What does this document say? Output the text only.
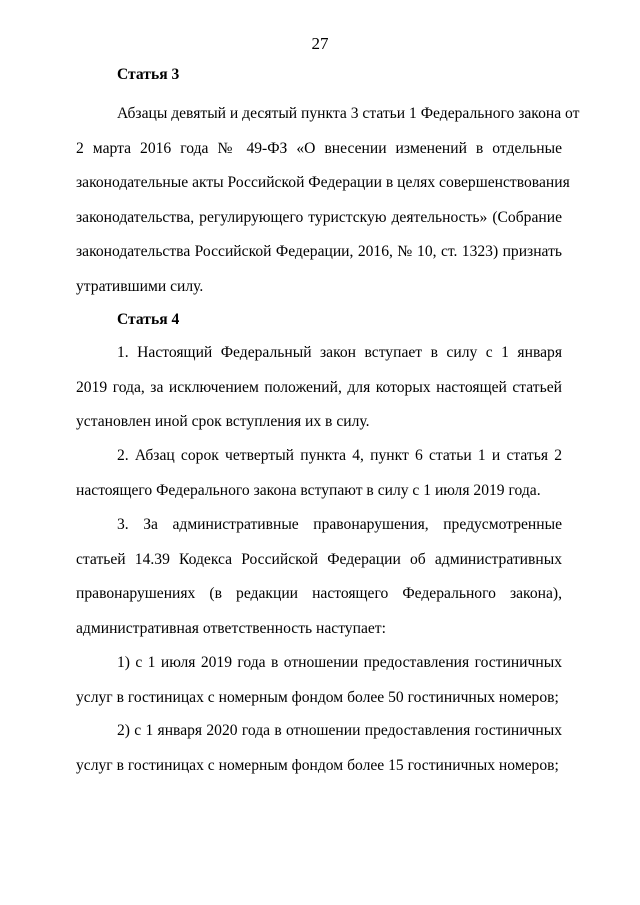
27

Статья 3

Абзацы девятый и десятый пункта 3 статьи 1 Федерального закона от
2 марта 2016 года № 49-ФЗ «О внесении изменений в отдельные
законодательные акты Российской Федерации в целях совершенствования
законодательства, регулирующего туристскую деятельность» (Собрание
законодательства Российской Федерации, 2016, № 10, ст. 1323) признать
утратившими силу.

Статья 4

1. Настоящий Федеральный закон вступает в силу с 1 января
2019 года, за исключением положений, для которых настоящей статьей
установлен иной срок вступления их в силу.
2. Абзац сорок четвертый пункта 4, пункт 6 статьи 1 и статья 2
настоящего Федерального закона вступают в силу с 1 июля 2019 года.
3. За административные правонарушения, предусмотренные
статьей 14.39 Кодекса Российской Федерации об административных
правонарушениях (в редакции настоящего Федерального закона),
административная ответственность наступает:
1) с 1 июля 2019 года в отношении предоставления гостиничных
услуг в гостиницах с номерным фондом более 50 гостиничных номеров;
2) с 1 января 2020 года в отношении предоставления гостиничных
услуг в гостиницах с номерным фондом более 15 гостиничных номеров;
